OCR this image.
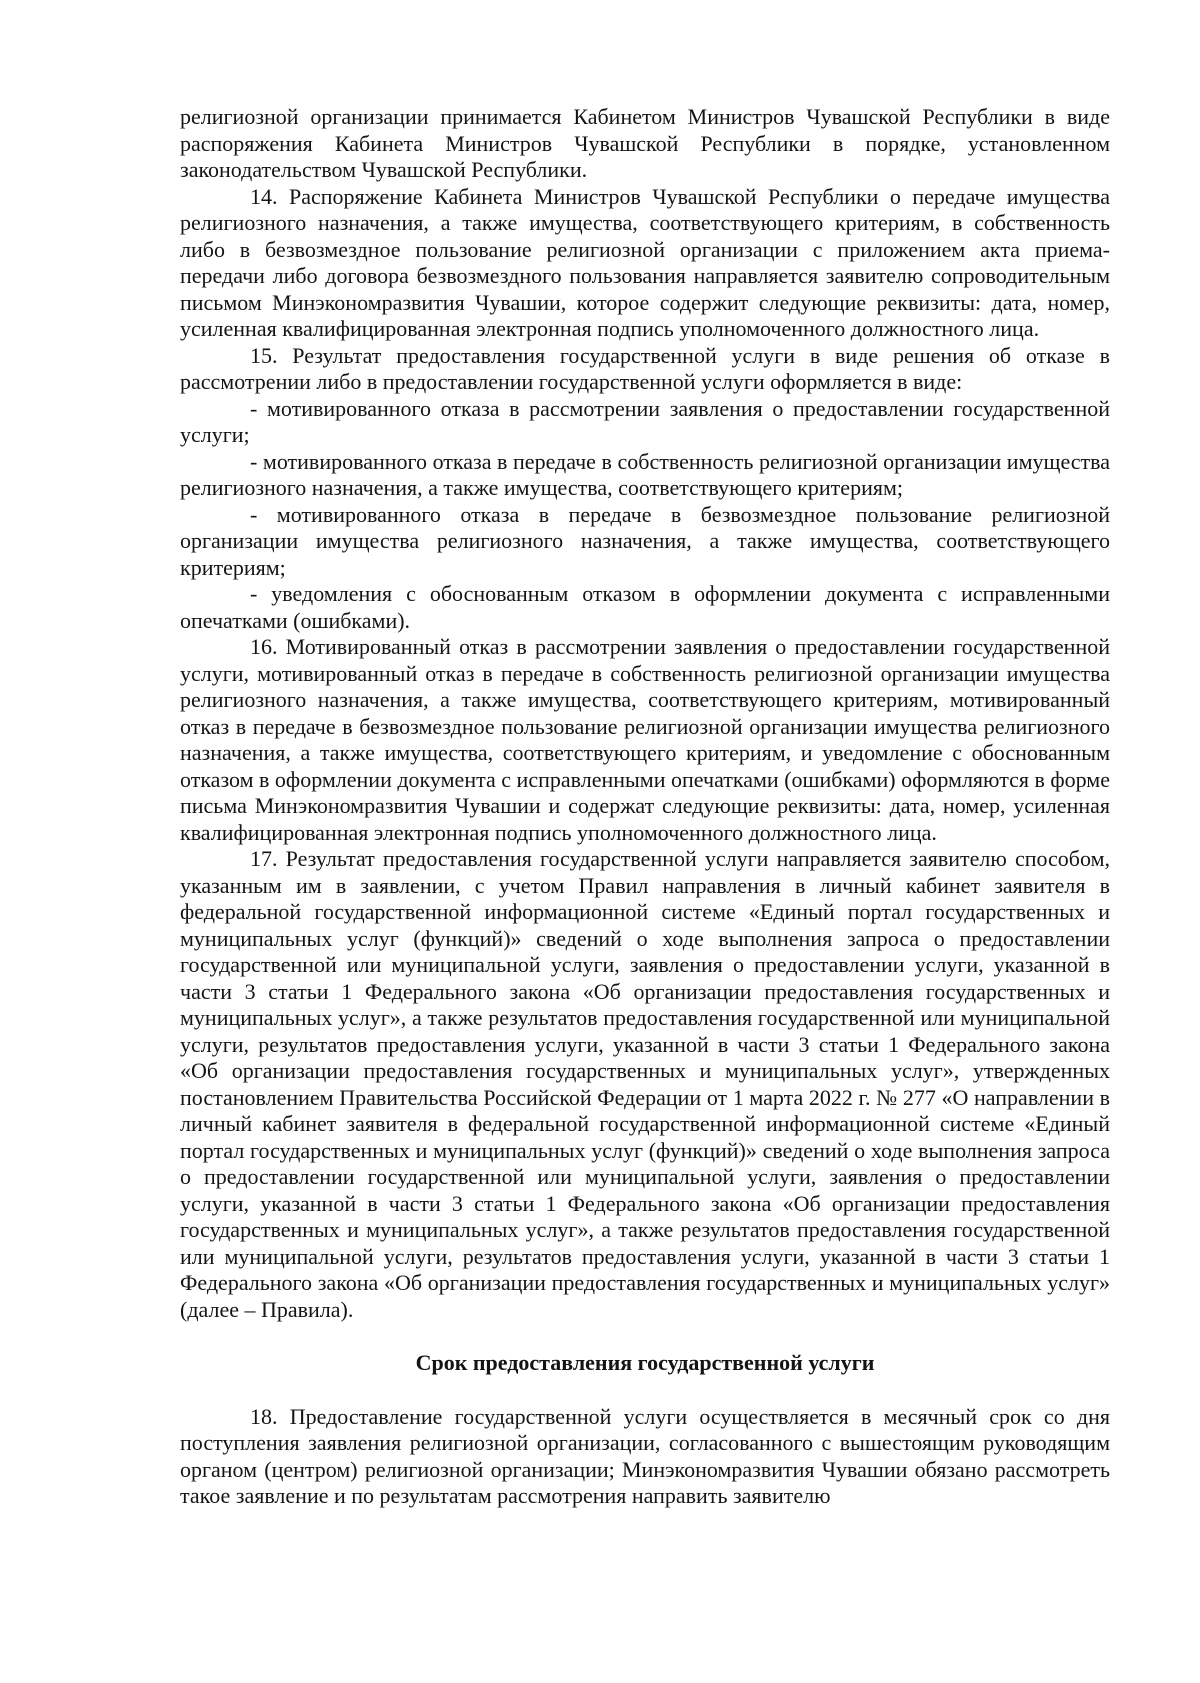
религиозной организации принимается Кабинетом Министров Чувашской Республики в виде распоряжения Кабинета Министров Чувашской Республики в порядке, установленном законодательством Чувашской Республики.

14. Распоряжение Кабинета Министров Чувашской Республики о передаче имущества религиозного назначения, а также имущества, соответствующего критериям, в собственность либо в безвозмездное пользование религиозной организации с приложением акта приема-передачи либо договора безвозмездного пользования направляется заявителю сопроводительным письмом Минэкономразвития Чувашии, которое содержит следующие реквизиты: дата, номер, усиленная квалифицированная электронная подпись уполномоченного должностного лица.

15. Результат предоставления государственной услуги в виде решения об отказе в рассмотрении либо в предоставлении государственной услуги оформляется в виде:

- мотивированного отказа в рассмотрении заявления о предоставлении государственной услуги;

- мотивированного отказа в передаче в собственность религиозной организации имущества религиозного назначения, а также имущества, соответствующего критериям;

- мотивированного отказа в передаче в безвозмездное пользование религиозной организации имущества религиозного назначения, а также имущества, соответствующего критериям;

- уведомления с обоснованным отказом в оформлении документа с исправленными опечатками (ошибками).

16. Мотивированный отказ в рассмотрении заявления о предоставлении государственной услуги, мотивированный отказ в передаче в собственность религиозной организации имущества религиозного назначения, а также имущества, соответствующего критериям, мотивированный отказ в передаче в безвозмездное пользование религиозной организации имущества религиозного назначения, а также имущества, соответствующего критериям, и уведомление с обоснованным отказом в оформлении документа с исправленными опечатками (ошибками) оформляются в форме письма Минэкономразвития Чувашии и содержат следующие реквизиты: дата, номер, усиленная квалифицированная электронная подпись уполномоченного должностного лица.

17. Результат предоставления государственной услуги направляется заявителю способом, указанным им в заявлении, с учетом Правил направления в личный кабинет заявителя в федеральной государственной информационной системе «Единый портал государственных и муниципальных услуг (функций)» сведений о ходе выполнения запроса о предоставлении государственной или муниципальной услуги, заявления о предоставлении услуги, указанной в части 3 статьи 1 Федерального закона «Об организации предоставления государственных и муниципальных услуг», а также результатов предоставления государственной или муниципальной услуги, результатов предоставления услуги, указанной в части 3 статьи 1 Федерального закона «Об организации предоставления государственных и муниципальных услуг», утвержденных постановлением Правительства Российской Федерации от 1 марта 2022 г. № 277 «О направлении в личный кабинет заявителя в федеральной государственной информационной системе «Единый портал государственных и муниципальных услуг (функций)» сведений о ходе выполнения запроса о предоставлении государственной или муниципальной услуги, заявления о предоставлении услуги, указанной в части 3 статьи 1 Федерального закона «Об организации предоставления государственных и муниципальных услуг», а также результатов предоставления государственной или муниципальной услуги, результатов предоставления услуги, указанной в части 3 статьи 1 Федерального закона «Об организации предоставления государственных и муниципальных услуг» (далее – Правила).

Срок предоставления государственной услуги

18. Предоставление государственной услуги осуществляется в месячный срок со дня поступления заявления религиозной организации, согласованного с вышестоящим руководящим органом (центром) религиозной организации; Минэкономразвития Чувашии обязано рассмотреть такое заявление и по результатам рассмотрения направить заявителю
